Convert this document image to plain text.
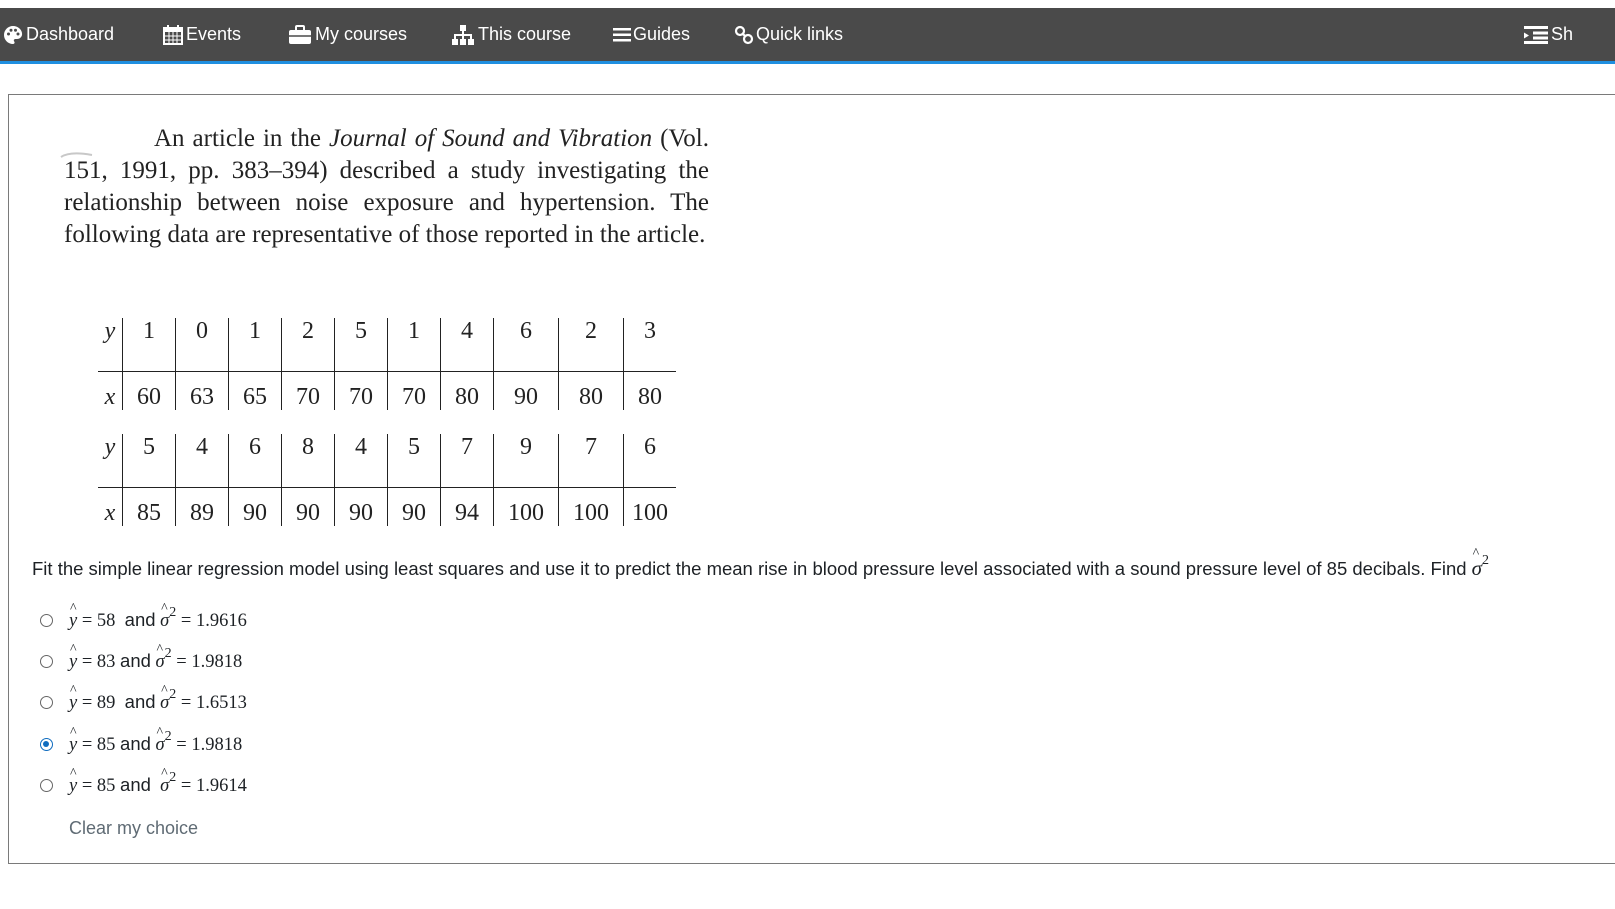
Dashboard	Events	My courses	This course	Guides	Quick links	Sh

An article in the Journal of Sound and Vibration (Vol. 151, 1991, pp. 383–394) described a study investigating the relationship between noise exposure and hypertension. The following data are representative of those reported in the article.

y	1	0	1	2	5	1	4	6	2	3
x	60	63	65	70	70	70	80	90	80	80
y	5	4	6	8	4	5	7	9	7	6
x	85	89	90	90	90	90	94	100	100	100
Fit the simple linear regression model using least squares and use it to predict the mean rise in blood pressure level associated with a sound pressure level of 85 decibals. Find ^ $\sigma^2$
^ y = 58 and ^ $\sigma^2 = 1.9616$
^ y = 83 and ^ $\sigma^2 = 1.9818$
^ y = 89 and ^ $\sigma^2 = 1.6513$
^ y = 85 and ^ $\sigma^2 = 1.9818$
^ y = 85 and ^ $\sigma^2 = 1.9614$
Clear my choice
